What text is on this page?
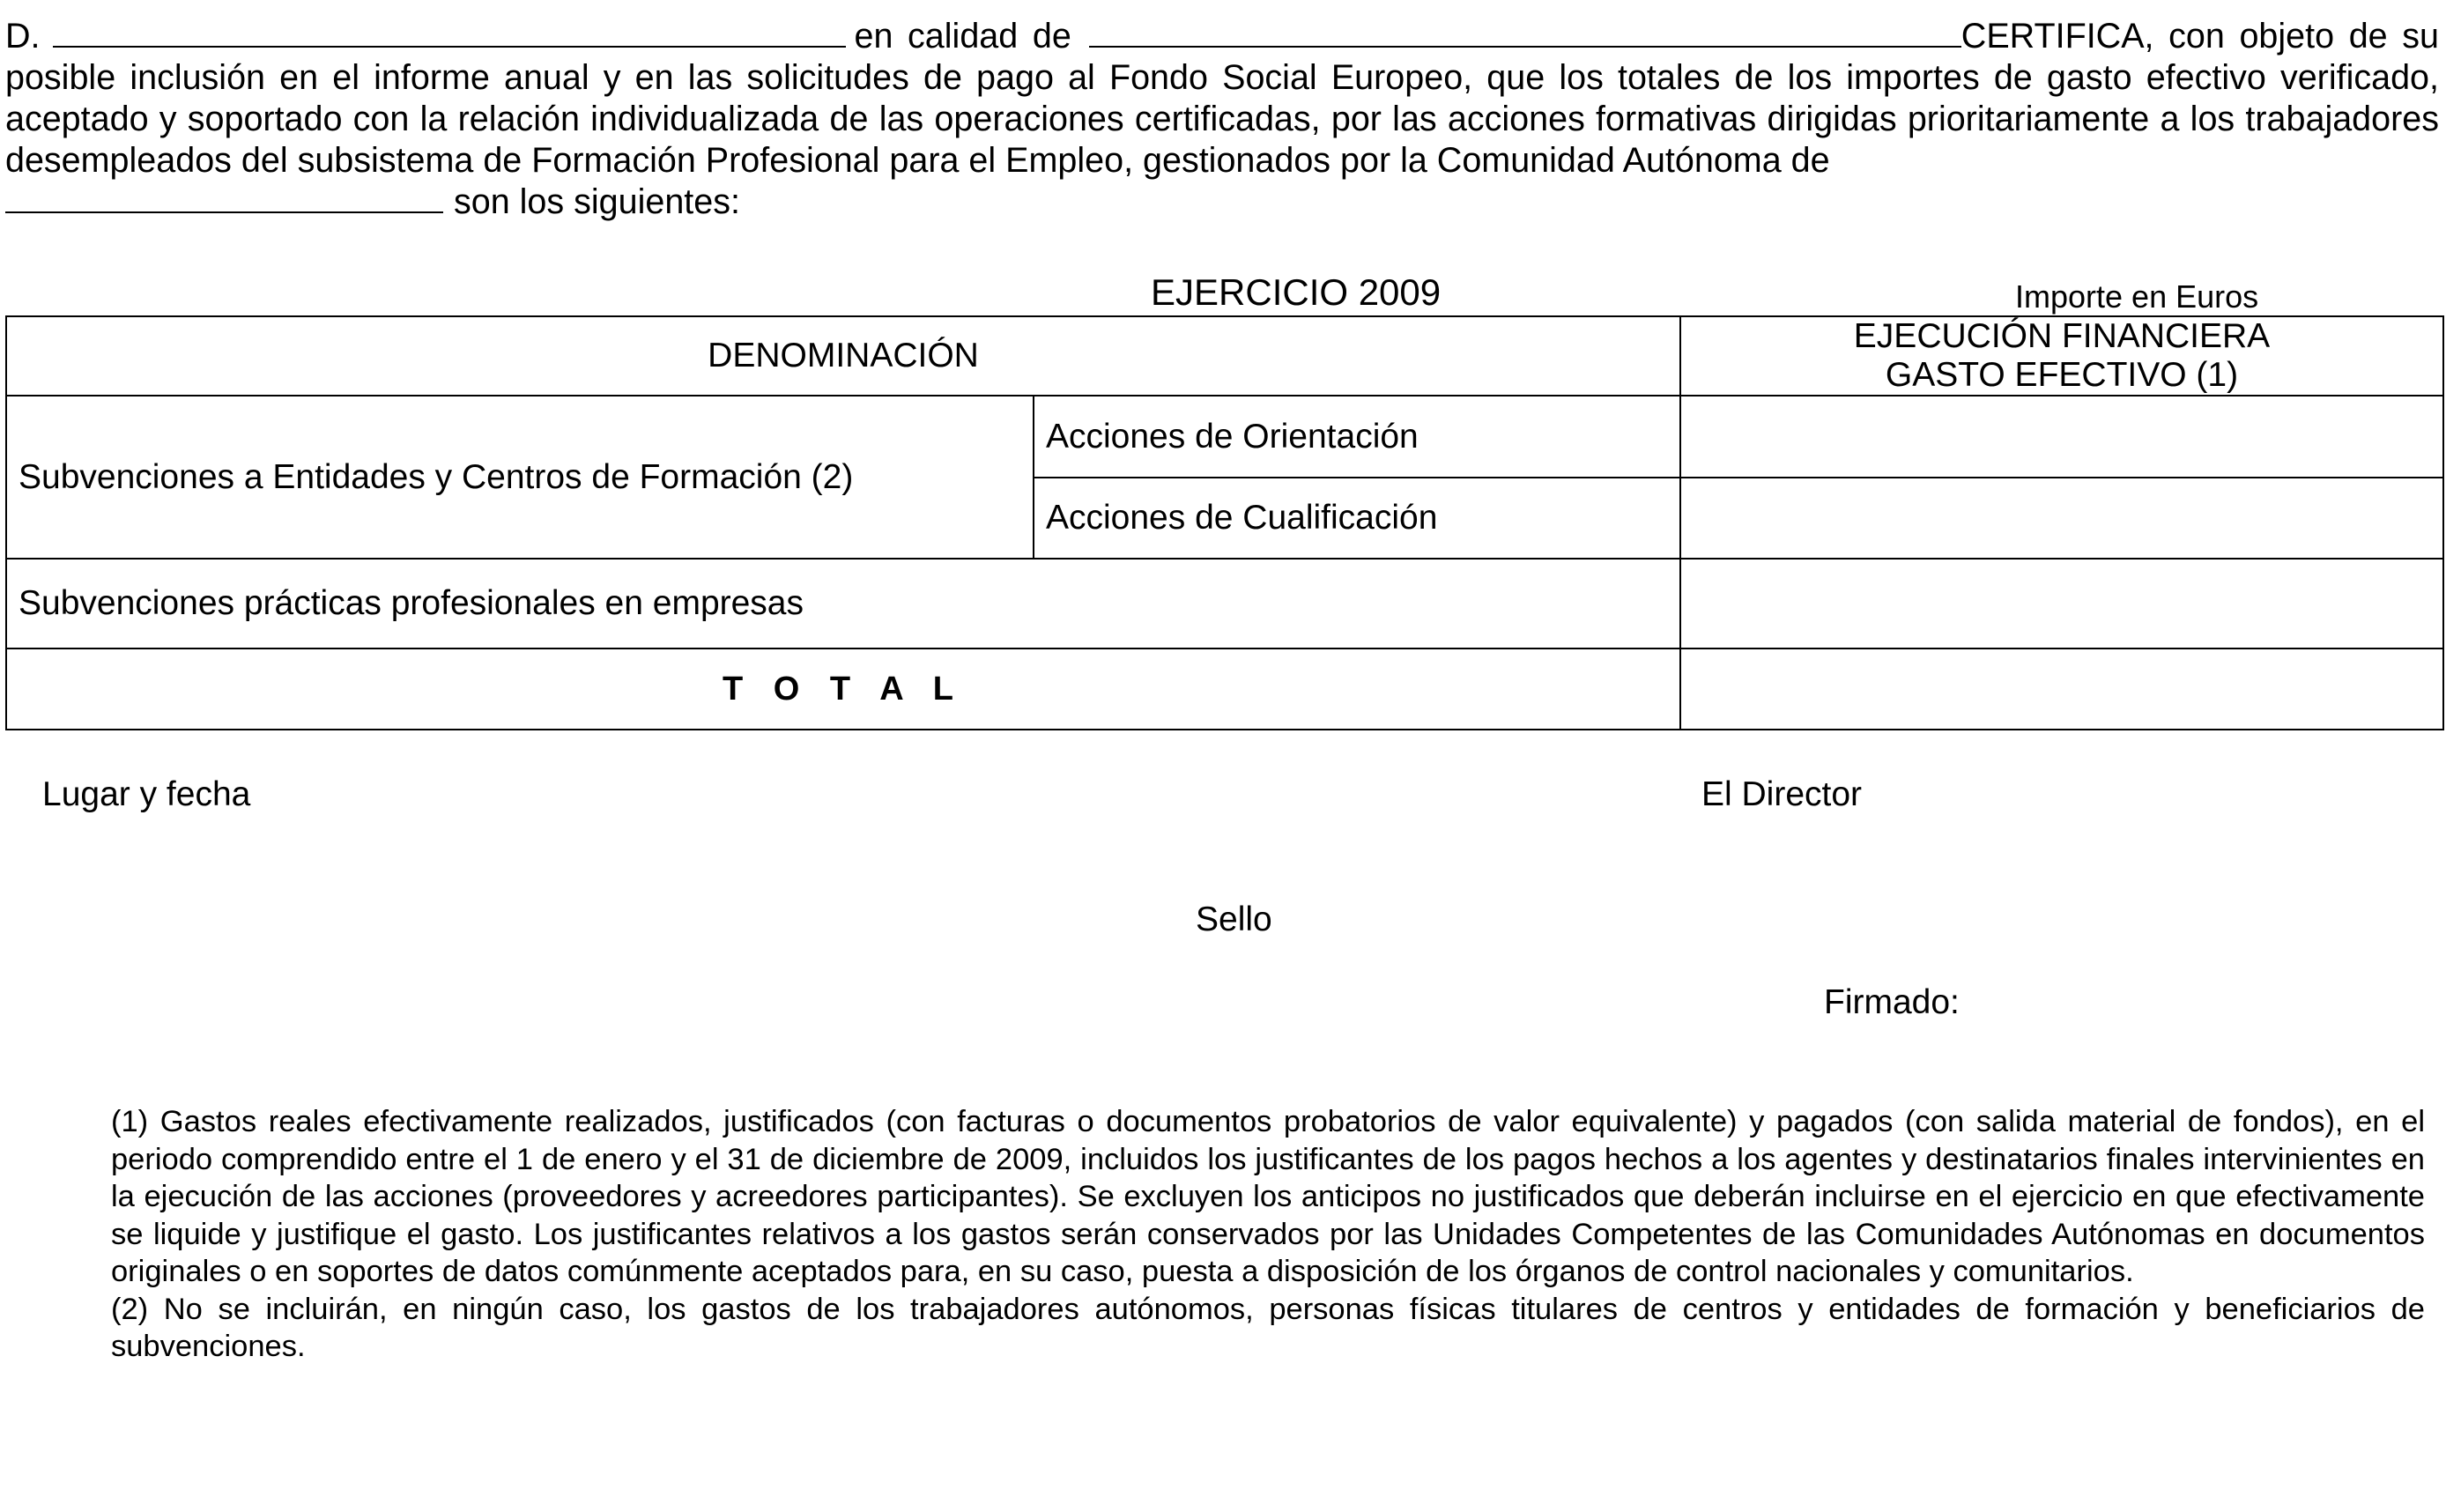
D.	en calidad de	CERTIFICA, con objeto de su posible inclusión en el informe anual y en las solicitudes de pago al Fondo Social Europeo, que los totales de los importes de gasto efectivo verificado, aceptado y soportado con la relación individualizada de las operaciones certificadas, por las acciones formativas dirigidas prioritariamente a los trabajadores desempleados del subsistema de Formación Profesional para el Empleo, gestionados por la Comunidad Autónoma de
son los siguientes:
EJERCICIO 2009	Importe en Euros
DENOMINACIÓN		EJECUCIÓN FINANCIERA
GASTO EFECTIVO (1)
Subvenciones a Entidades y Centros de Formación (2)	Acciones de Orientación	
	Acciones de Cualificación	
Subvenciones prácticas profesionales en empresas		
T O T A L		
Lugar y fecha	El Director
Sello
Firmado:

(1) Gastos reales efectivamente realizados, justificados (con facturas o documentos probatorios de valor equivalente) y pagados (con salida material de fondos), en el periodo comprendido entre el 1 de enero y el 31 de diciembre de 2009, incluidos los justificantes de los pagos hechos a los agentes y destinatarios finales intervinientes en la ejecución de las acciones (proveedores y acreedores participantes). Se excluyen los anticipos no justificados que deberán incluirse en el ejercicio en que efectivamente se liquide y justifique el gasto. Los justificantes relativos a los gastos serán conservados por las Unidades Competentes de las Comunidades Autónomas en documentos originales o en soportes de datos comúnmente aceptados para, en su caso, puesta a disposición de los órganos de control nacionales y comunitarios.

(2) No se incluirán, en ningún caso, los gastos de los trabajadores autónomos, personas físicas titulares de centros y entidades de formación y beneficiarios de subvenciones.
